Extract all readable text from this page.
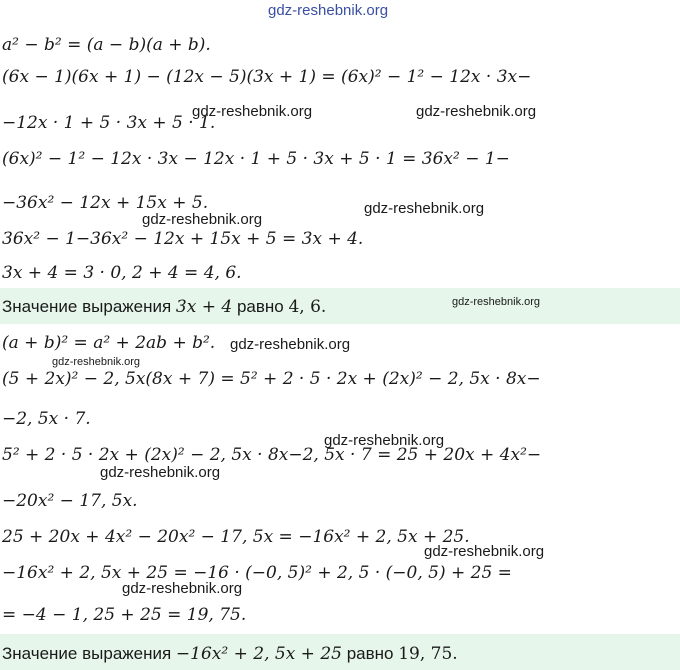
gdz-reshebnik.org
a² − b² = (a − b)(a + b).
(6x − 1)(6x + 1) − (12x − 5)(3x + 1) = (6x)² − 1² − 12x · 3x−
−12x · 1 + 5 · 3x + 5 · 1.
(6x)² − 1² − 12x · 3x − 12x · 1 + 5 · 3x + 5 · 1 = 36x² − 1−
−36x² − 12x + 15x + 5.
36x² − 1−36x² − 12x + 15x + 5 = 3x + 4.
3x + 4 = 3 · 0, 2 + 4 = 4, 6.
Значение выражения 3x + 4 равно 4, 6.
(a + b)² = a² + 2ab + b².
(5 + 2x)² − 2, 5x(8x + 7) = 5² + 2 · 5 · 2x + (2x)² − 2, 5x · 8x−
−2, 5x · 7.
5² + 2 · 5 · 2x + (2x)² − 2, 5x · 8x−2, 5x · 7 = 25 + 20x + 4x²−
−20x² − 17, 5x.
25 + 20x + 4x² − 20x² − 17, 5x = −16x² + 2, 5x + 25.
−16x² + 2, 5x + 25 = −16 · (−0, 5)² + 2, 5 · (−0, 5) + 25 =
= −4 − 1, 25 + 25 = 19, 75.
Значение выражения −16x² + 2, 5x + 25 равно 19, 75.
gdz-reshebnik.org	gdz-reshebnik.org
gdz-reshebnik.org
gdz-reshebnik.org
gdz-reshebnik.org
gdz-reshebnik.org
gdz-reshebnik.org
gdz-reshebnik.org
gdz-reshebnik.org
gdz-reshebnik.org
gdz-reshebnik.org
